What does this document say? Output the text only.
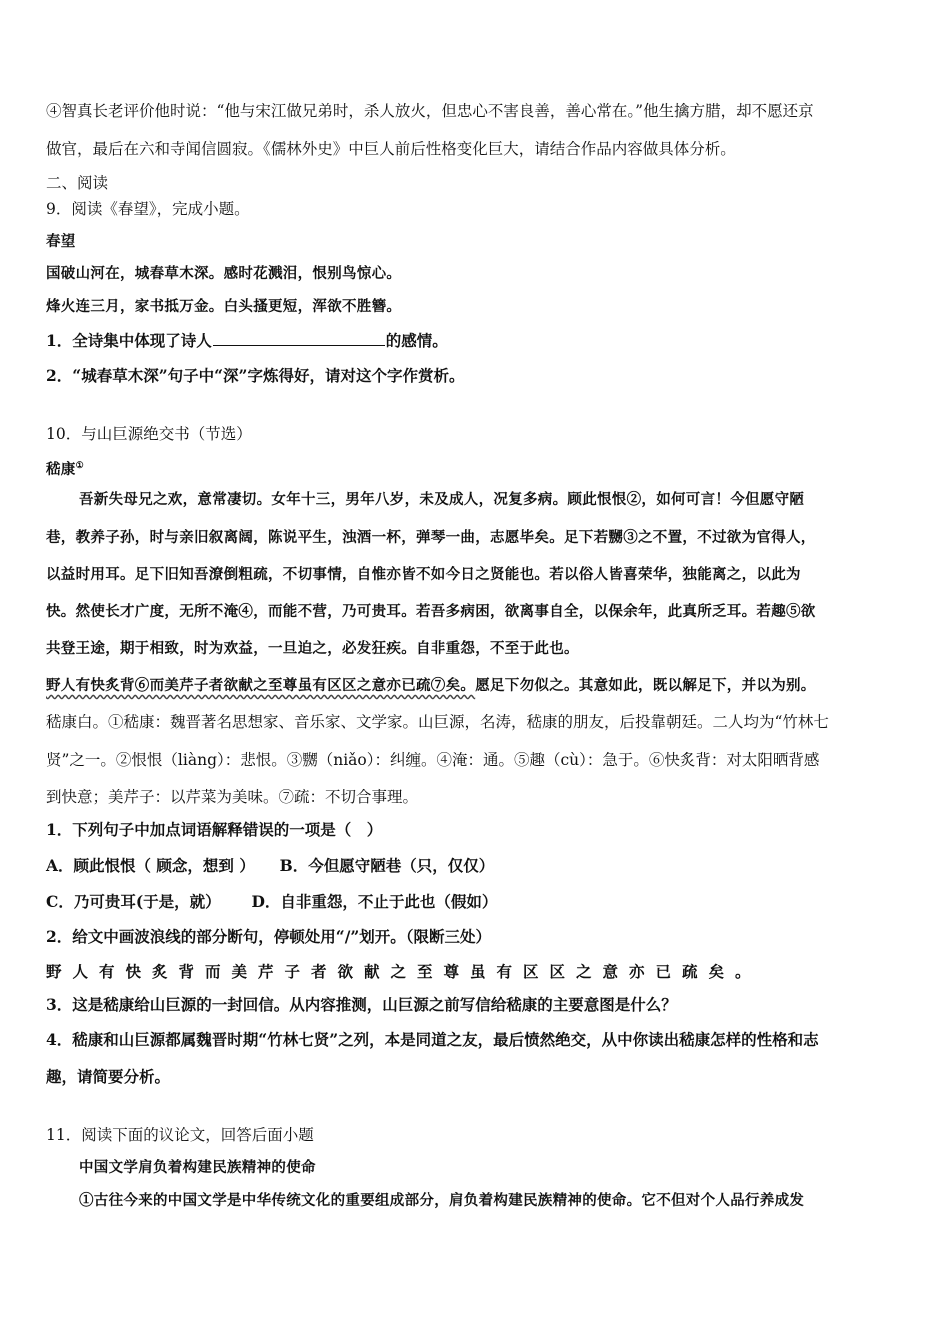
④智真长老评价他时说：“他与宋江做兄弟时，杀人放火，但忠心不害良善，善心常在。”他生擒方腊，却不愿还京
做官，最后在六和寺闻信圆寂。《儒林外史》中巨人前后性格变化巨大，请结合作品内容做具体分析。
二、阅读
9．阅读《春望》，完成小题。
春望
国破山河在，城春草木深。感时花溅泪，恨别鸟惊心。
烽火连三月，家书抵万金。白头搔更短，浑欲不胜簪。
1．全诗集中体现了诗人	的感情。
2．“城春草木深”句子中“深”字炼得好，请对这个字作赏析。
10．与山巨源绝交书（节选）
嵇康①
吾新失母兄之欢，意常凄切。女年十三，男年八岁，未及成人，况复多病。顾此恨恨②，如何可言！今但愿守陋
巷，教养子孙，时与亲旧叙离阔，陈说平生，浊酒一杯，弹琴一曲，志愿毕矣。足下若嬲③之不置，不过欲为官得人，
以益时用耳。足下旧知吾潦倒粗疏，不切事情，自惟亦皆不如今日之贤能也。若以俗人皆喜荣华，独能离之，以此为
快。然使长才广度，无所不淹④，而能不营，乃可贵耳。若吾多病困，欲离事自全，以保余年，此真所乏耳。若趣⑤欲
共登王途，期于相致，时为欢益，一旦迫之，必发狂疾。自非重怨，不至于此也。
野人有快炙背⑥而美芹子者欲献之至尊虽有区区之意亦已疏⑦矣。愿足下勿似之。其意如此，既以解足下，并以为别。
嵇康白。①嵇康：魏晋著名思想家、音乐家、文学家。山巨源，名涛，嵇康的朋友，后投靠朝廷。二人均为“竹林七
贤”之一。②恨恨（liàng）：悲恨。③嬲（niǎo）：纠缠。④淹：通。⑤趣（cù）：急于。⑥快炙背：对太阳晒背感
到快意；美芹子：以芹菜为美味。⑦疏：不切合事理。
1．下列句子中加点词语解释错误的一项是（　）
A．顾此恨恨（ 顾念，想到 ） B．今但愿守陋巷（只，仅仅）
C．乃可贵耳(于是，就） D．自非重怨，不止于此也（假如）
2．给文中画波浪线的部分断句，停顿处用“/”划开。（限断三处）
野人有快炙背而美芹子者欲献之至尊虽有区区之意亦已疏矣。
3．这是嵇康给山巨源的一封回信。从内容推测，山巨源之前写信给嵇康的主要意图是什么？
4．嵇康和山巨源都属魏晋时期“竹林七贤”之列，本是同道之友，最后愤然绝交，从中你读出嵇康怎样的性格和志
趣，请简要分析。
11．阅读下面的议论文，回答后面小题
中国文学肩负着构建民族精神的使命
①古往今来的中国文学是中华传统文化的重要组成部分，肩负着构建民族精神的使命。它不但对个人品行养成发
